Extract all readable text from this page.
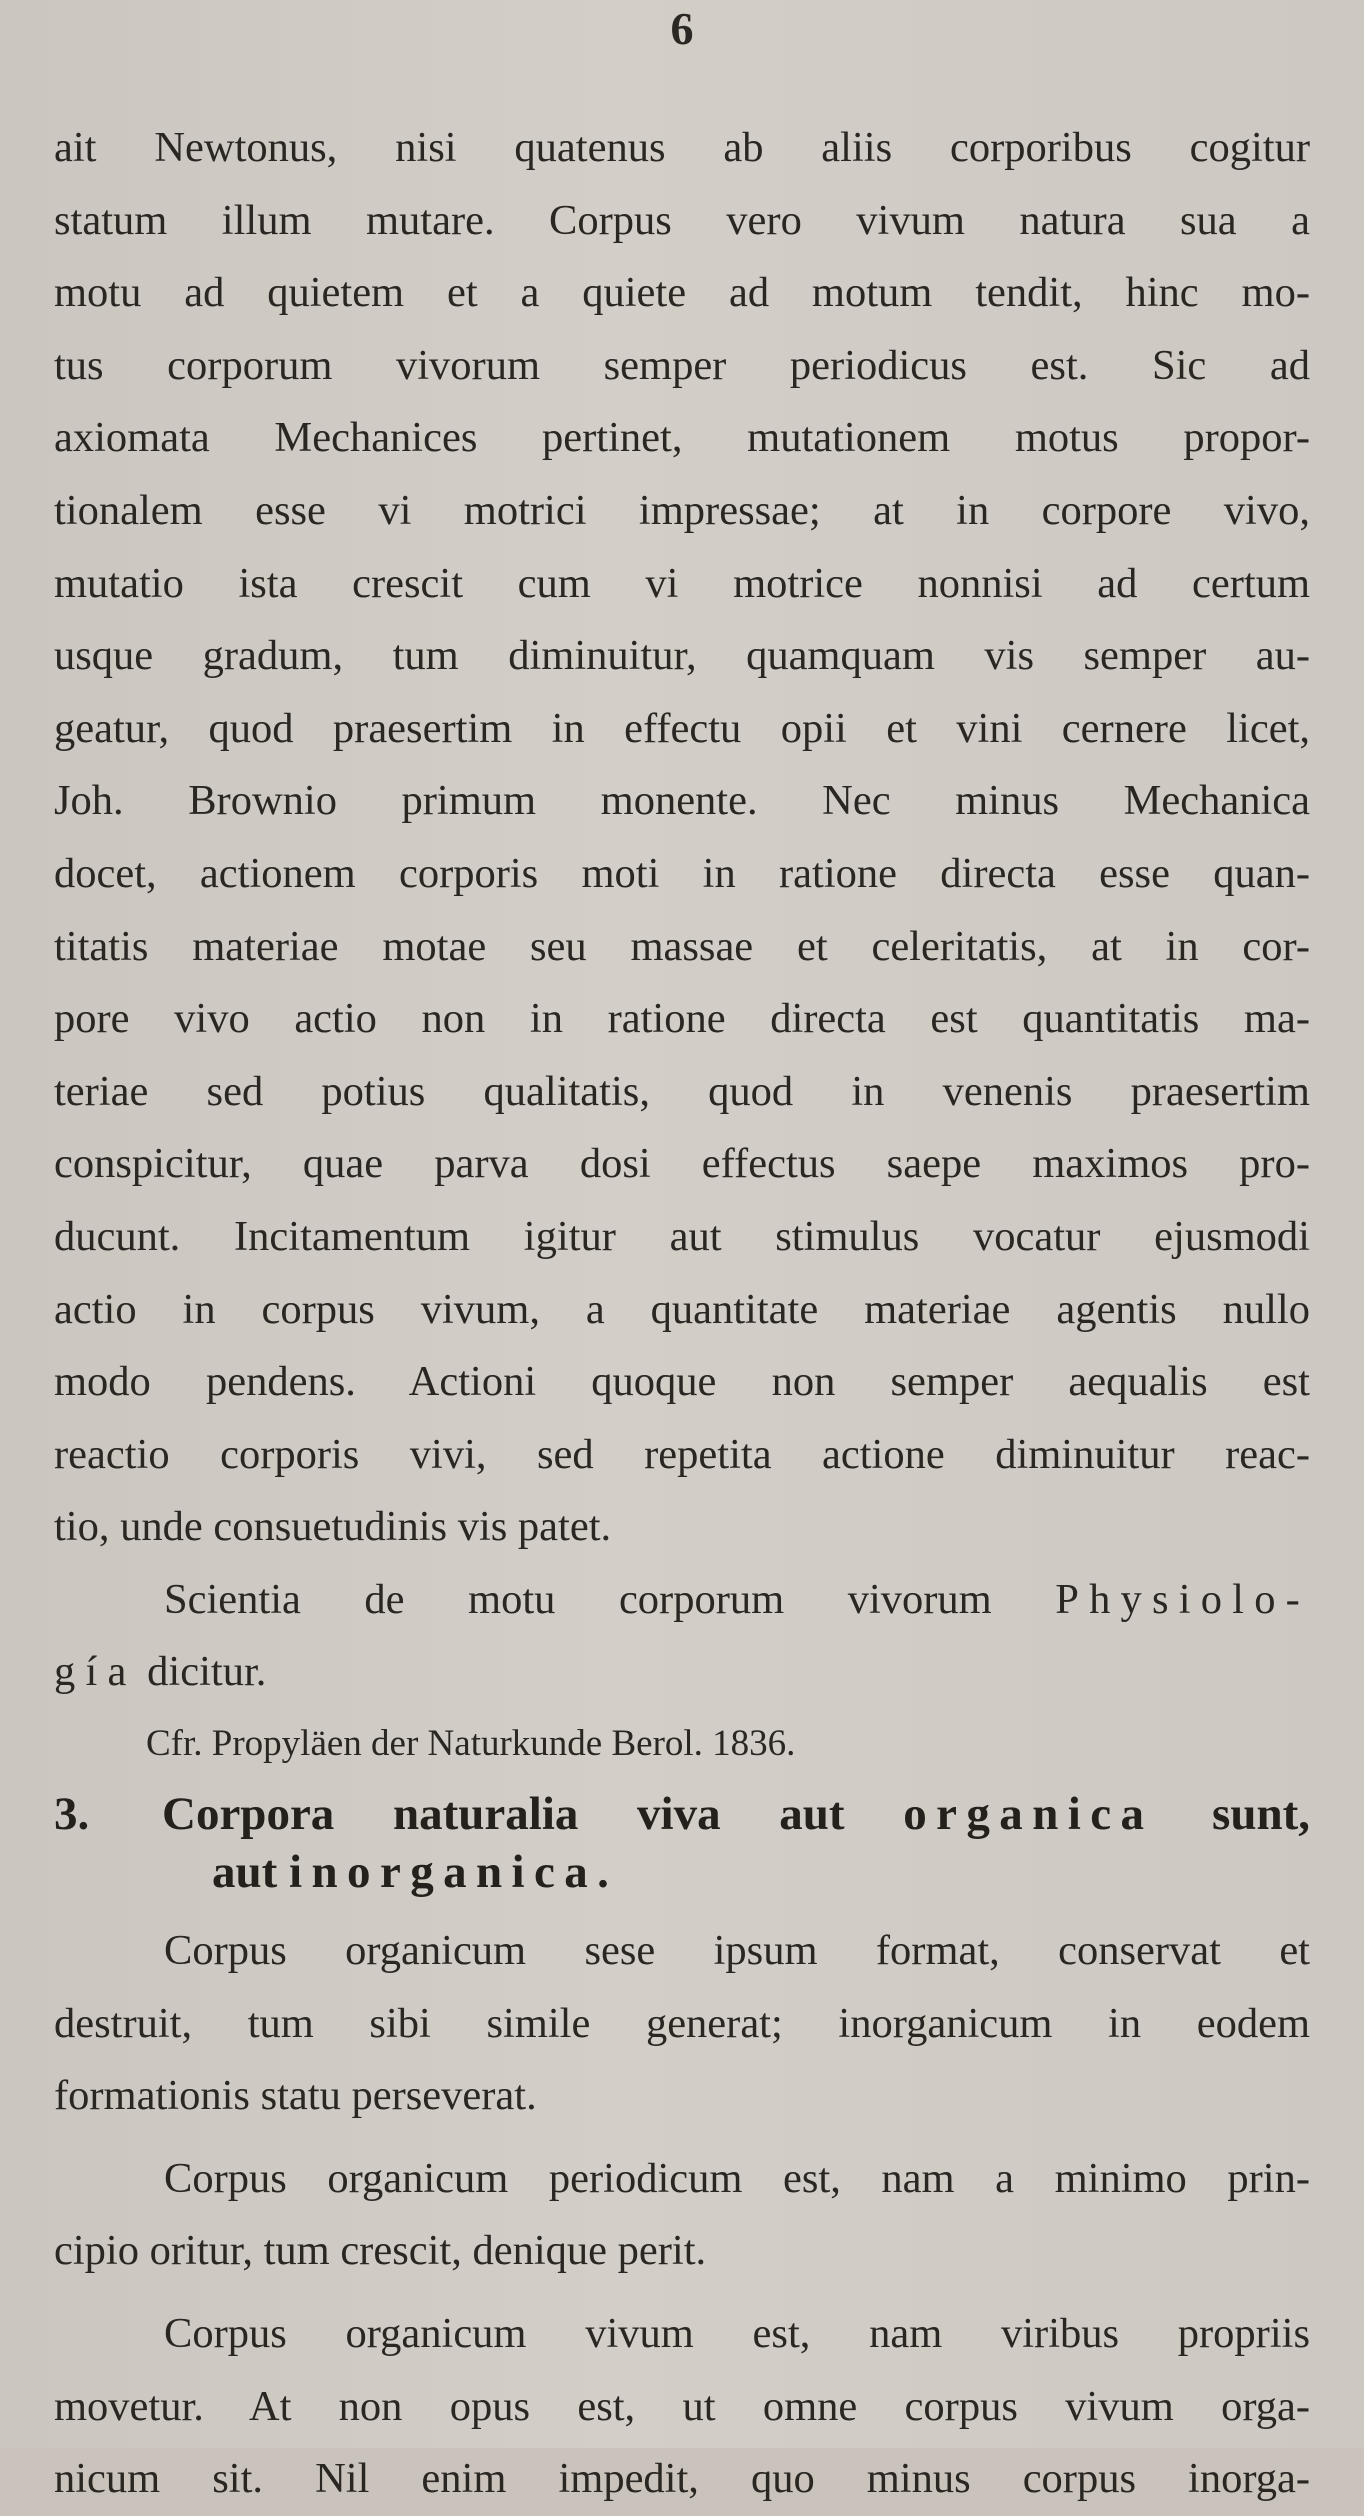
6
ait Newtonus, nisi quatenus ab aliis corporibus cogitur
statum illum mutare. Corpus vero vivum natura sua a
motu ad quietem et a quiete ad motum tendit, hinc mo-
tus corporum vivorum semper periodicus est. Sic ad
axiomata Mechanices pertinet, mutationem motus propor-
tionalem esse vi motrici impressae; at in corpore vivo,
mutatio ista crescit cum vi motrice nonnisi ad certum
usque gradum, tum diminuitur, quamquam vis semper au-
geatur, quod praesertim in effectu opii et vini cernere licet,
Joh. Brownio primum monente. Nec minus Mechanica
docet, actionem corporis moti in ratione directa esse quan-
titatis materiae motae seu massae et celeritatis, at in cor-
pore vivo actio non in ratione directa est quantitatis ma-
teriae sed potius qualitatis, quod in venenis praesertim
conspicitur, quae parva dosi effectus saepe maximos pro-
ducunt. Incitamentum igitur aut stimulus vocatur ejusmodi
actio in corpus vivum, a quantitate materiae agentis nullo
modo pendens. Actioni quoque non semper aequalis est
reactio corporis vivi, sed repetita actione diminuitur reac-
tio, unde consuetudinis vis patet.
Scientia de motu corporum vivorum Physiolo-
gía dicitur.
Cfr. Propyläen der Naturkunde Berol. 1836.
3. Corpora naturalia viva aut organica sunt,
aut inorganica.
Corpus organicum sese ipsum format, conservat et
destruit, tum sibi simile generat; inorganicum in eodem
formationis statu perseverat.
Corpus organicum periodicum est, nam a minimo prin-
cipio oritur, tum crescit, denique perit.
Corpus organicum vivum est, nam viribus propriis
movetur. At non opus est, ut omne corpus vivum orga-
nicum sit. Nil enim impedit, quo minus corpus inorga-
